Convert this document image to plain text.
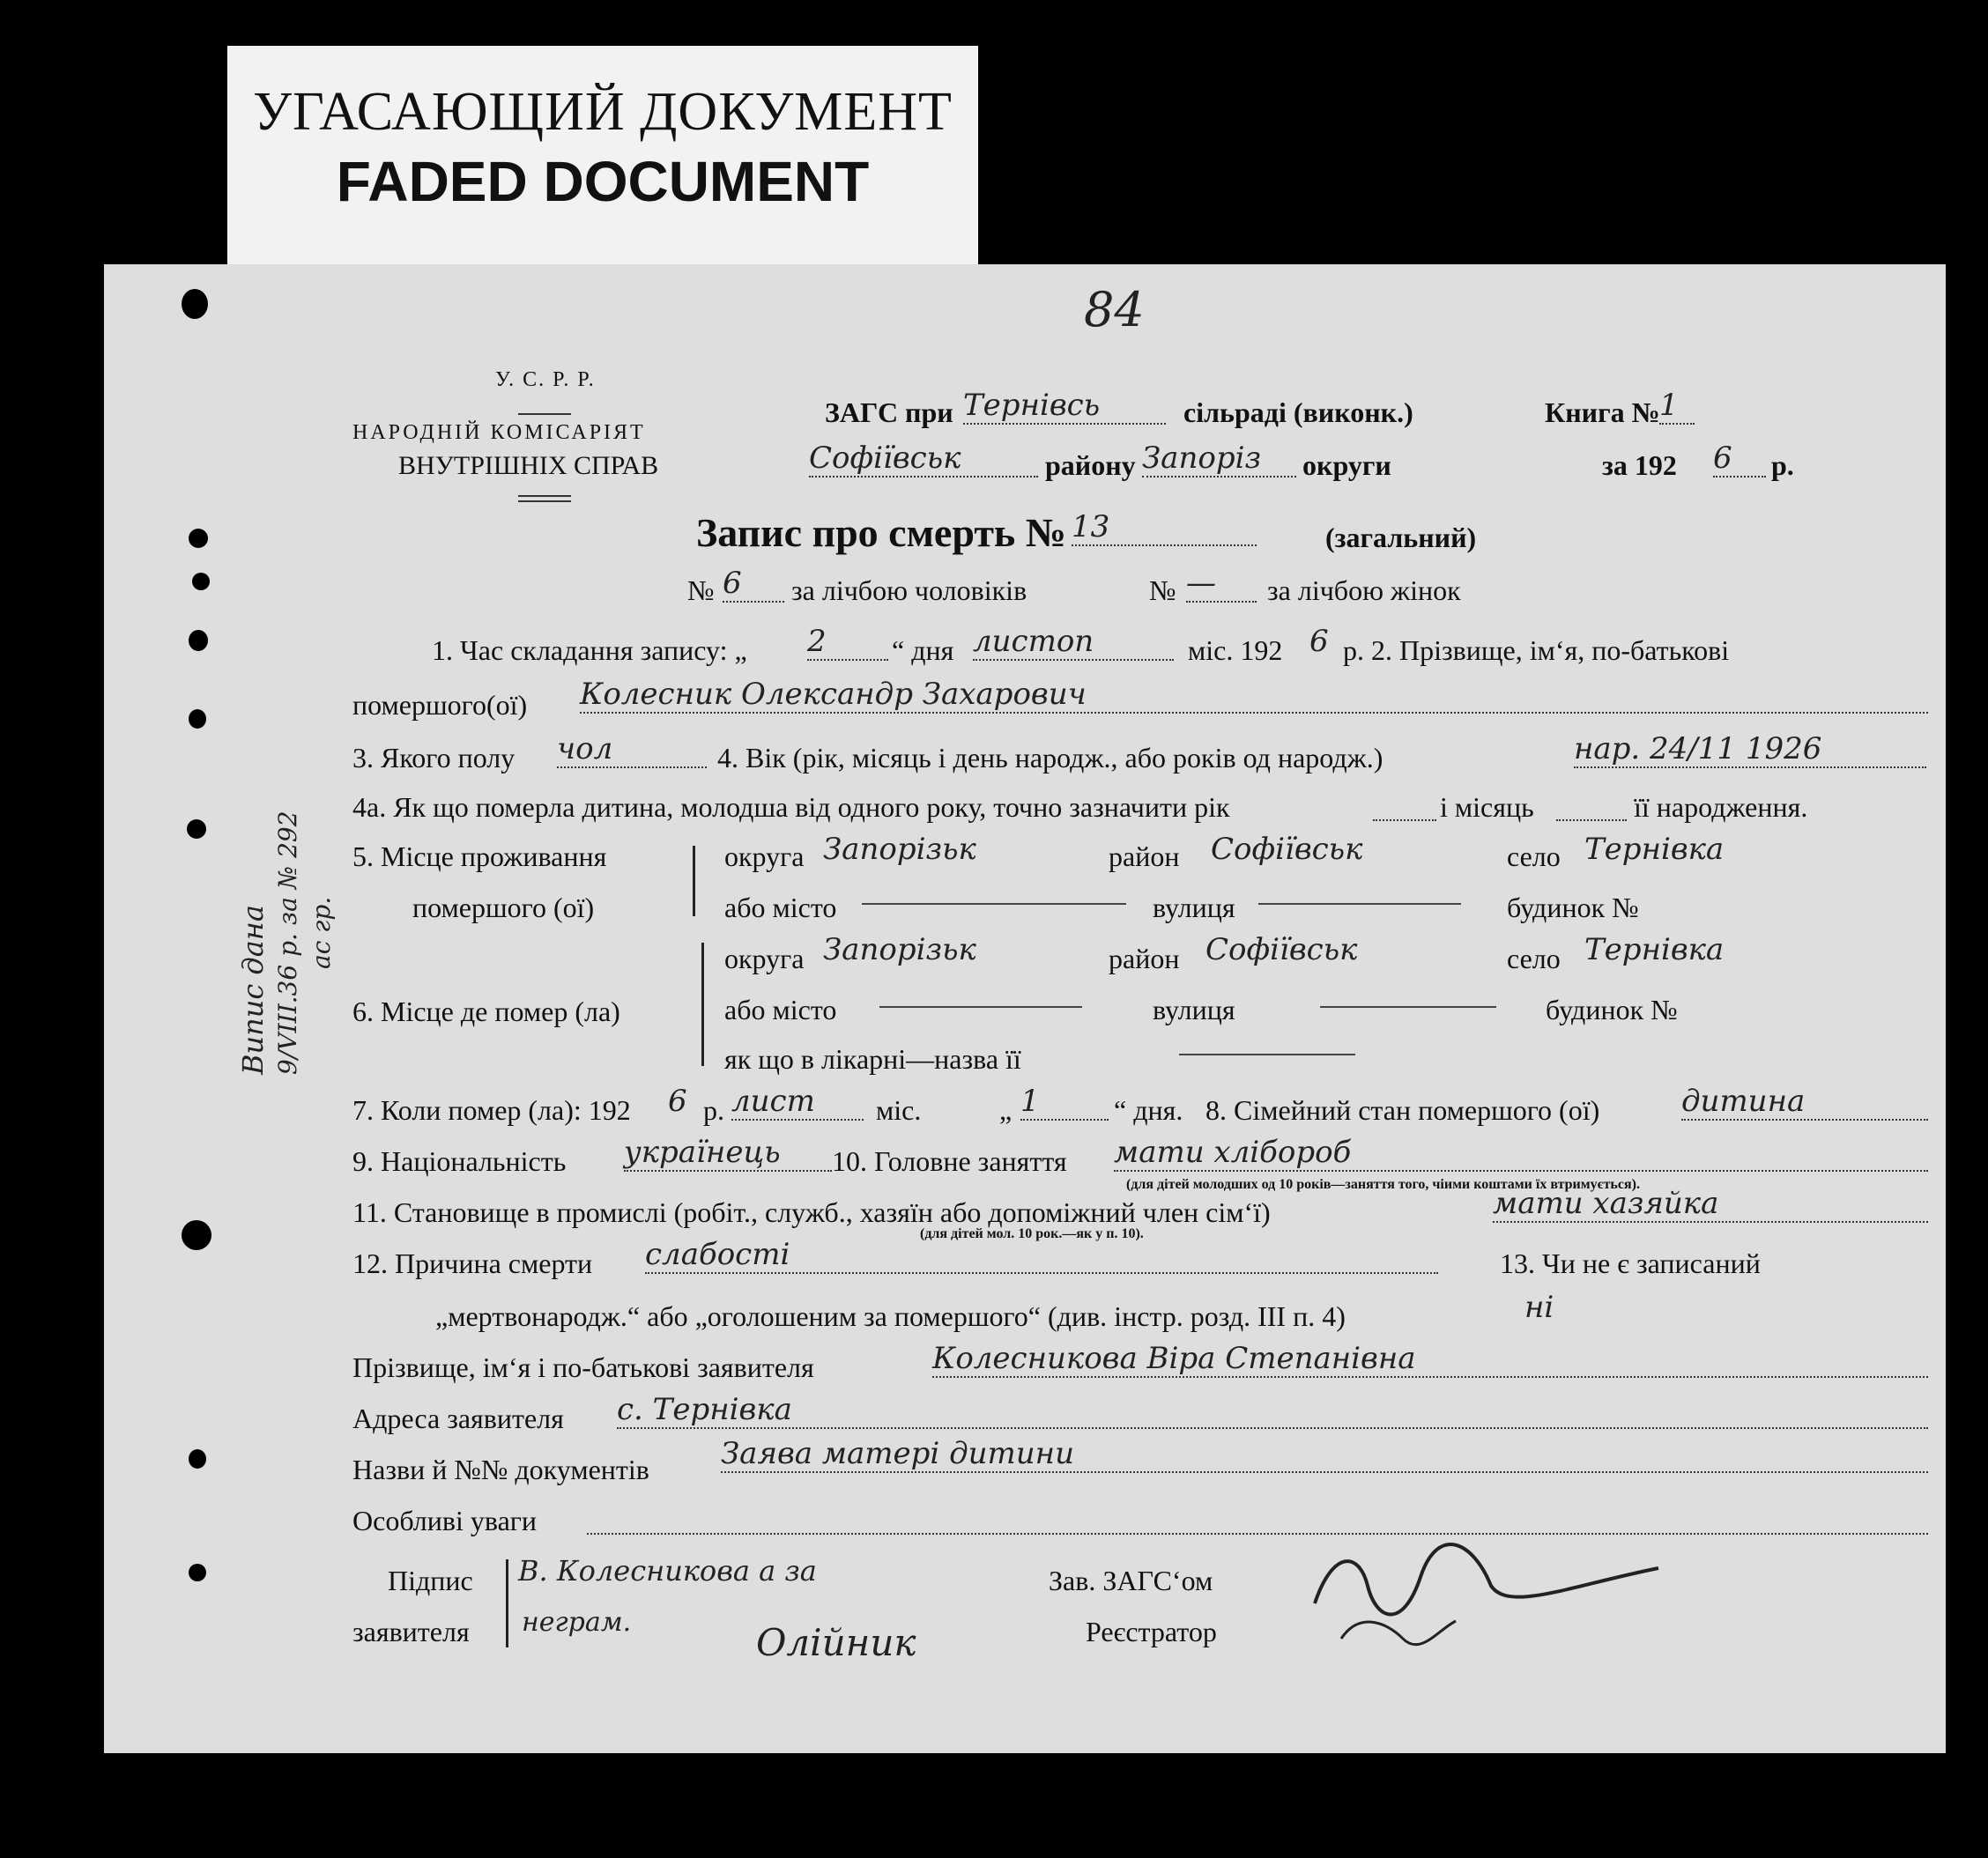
УГАСАЮЩИЙ ДОКУМЕНТ
FADED DOCUMENT
84
У. С. Р. Р.
НАРОДНІЙ КОМІСАРІЯТ
ВНУТРІШНІХ СПРАВ
ЗАГС при Тернівсь	сільраді (виконк.)	Книга № 1
Софіївськ	району Запоріз	округи	за 192 6	р.
Запис про смерть № 13	(загальний)
№ 6	за лічбою чоловіків	№ —	за лічбою жінок
1. Час складання запису: „ 2	“ дня листоп	міс. 192 6 р. 2. Прізвище, ім‘я, по-батькові
помершого(ої) Колесник Олександр Захарович
3. Якого полу чол	4. Вік (рік, місяць і день народж., або років од народж.)	нар. 24/11 1926
4а. Як що померла дитина, молодша від одного року, точно зазначити рік	і місяць	її народження.
5. Місце проживання
помершого (ої)
округа Запорізьк	район Софіївськ	село Тернівка
або місто	вулиця	будинок №
6. Місце де помер (ла)
округа Запорізьк	район Софіївськ	село Тернівка
або місто	вулиця	будинок №
як що в лікарні—назва її
7. Коли помер (ла): 192 6 р. лист	міс.	„ 1	“ дня. 8. Сімейний стан помершого (ої)	дитина
9. Національність українець	10. Головне заняття мати хлібороб
(для дітей молодших од 10 років—заняття того, чіими коштами їх втримується).
11. Становище в промислі (робіт., служб., хазяїн або допоміжний член сім‘ї)	мати хазяйка
(для дітей мол. 10 рок.—як у п. 10).
12. Причина смерти слабості	13. Чи не є записаний
„мертвонародж.“ або „оголошеним за помершого“ (див. інстр. розд. III п. 4)	ні
Прізвище, ім‘я і по-батькові заявителя	Колесникова Віра Степанівна
Адреса заявителя с. Тернівка
Назви й №№ документів Заява матері дитини
Особливі уваги
Підпис
заявителя
В. Колесникова а за
неграм.	Олійник
Зав. ЗАГС‘ом
Реєстратор
Випис дана 9/VIII.36 р. за № 292 ас гр.
